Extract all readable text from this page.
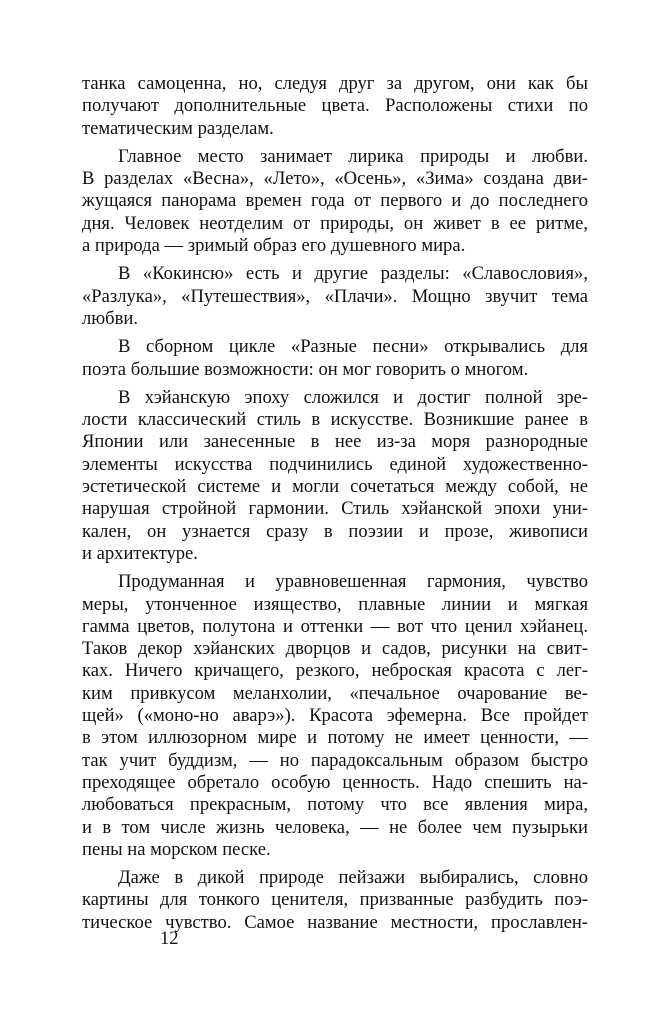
танка самоценна, но, следуя друг за другом, они как бы
получают дополнительные цвета. Расположены стихи по
тематическим разделам.

Главное место занимает лирика природы и любви.
В разделах «Весна», «Лето», «Осень», «Зима» создана дви-
жущаяся панорама времен года от первого и до последнего
дня. Человек неотделим от природы, он живет в ее ритме,
а природа — зримый образ его душевного мира.

В «Кокинсю» есть и другие разделы: «Славословия»,
«Разлука», «Путешествия», «Плачи». Мощно звучит тема
любви.

В сборном цикле «Разные песни» открывались для
поэта большие возможности: он мог говорить о многом.

В хэйанскую эпоху сложился и достиг полной зре-
лости классический стиль в искусстве. Возникшие ранее в
Японии или занесенные в нее из-за моря разнородные
элементы искусства подчинились единой художественно-
эстетической системе и могли сочетаться между собой, не
нарушая стройной гармонии. Стиль хэйанской эпохи уни-
кален, он узнается сразу в поэзии и прозе, живописи
и архитектуре.

Продуманная и уравновешенная гармония, чувство
меры, утонченное изящество, плавные линии и мягкая
гамма цветов, полутона и оттенки — вот что ценил хэйанец.
Таков декор хэйанских дворцов и садов, рисунки на свит-
ках. Ничего кричащего, резкого, неброская красота с лег-
ким привкусом меланхолии, «печальное очарование ве-
щей» («моно-но аварэ»). Красота эфемерна. Все пройдет
в этом иллюзорном мире и потому не имеет ценности, —
так учит буддизм, — но парадоксальным образом быстро
преходящее обретало особую ценность. Надо спешить на-
любоваться прекрасным, потому что все явления мира,
и в том числе жизнь человека, — не более чем пузырьки
пены на морском песке.

Даже в дикой природе пейзажи выбирались, словно
картины для тонкого ценителя, призванные разбудить поэ-
тическое чувство. Самое название местности, прославлен-

12
